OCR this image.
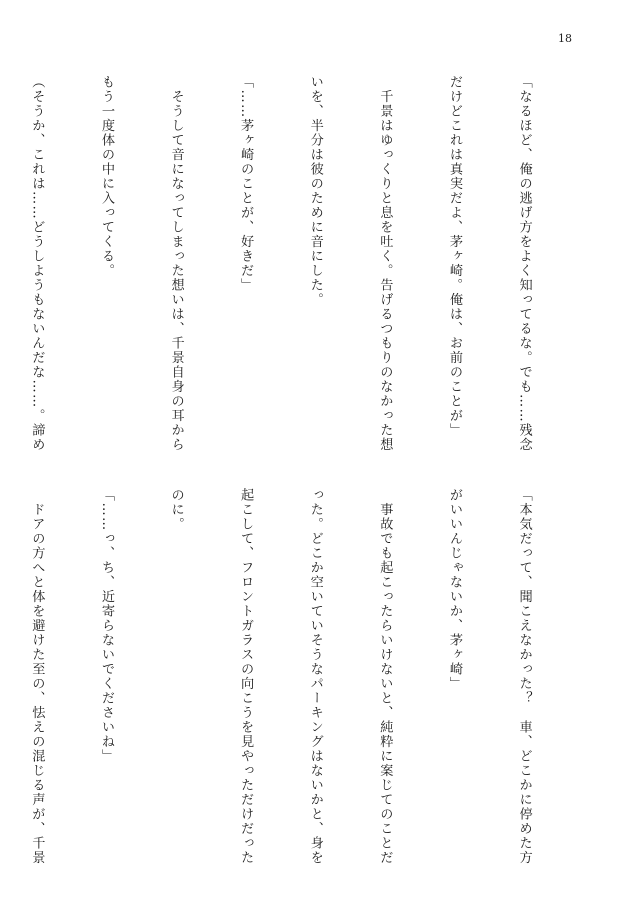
18

「なるほど、俺の逃げ方をよく知ってるな。でも……残念

だけどこれは真実だよ、茅ヶ崎。俺は、お前のことが」

　千景はゆっくりと息を吐く。告げるつもりのなかった想

いを、半分は彼のために音にした。

「……茅ヶ崎のことが、好きだ」

　そうして音になってしまった想いは、千景自身の耳から

もう一度体の中に入ってくる。

（そうか、これは……どうしようもないんだな……。諦め

「本気だって、聞こえなかった？　車、どこかに停めた方

がいいんじゃないか、茅ヶ崎」

　事故でも起こったらいけないと、純粋に案じてのことだ

った。どこか空いていそうなパーキングはないかと、身を

起こして、フロントガラスの向こうを見やっただけだった

のに。

「……っ、ち、近寄らないでくださいね」

　ドアの方へと体を避けた至の、怯えの混じる声が、千景
